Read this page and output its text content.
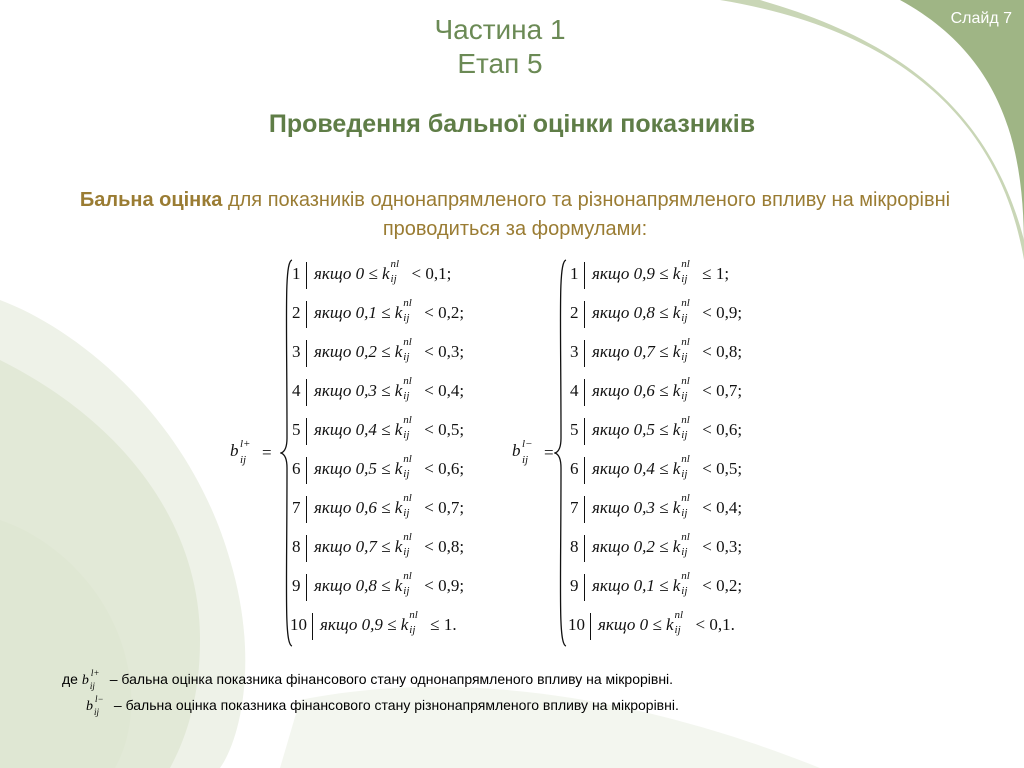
Слайд 7
Частина 1
Етап 5
Проведення бальної оцінки показників
Бальна оцінка для показників однонапрямленого та різнонапрямленого впливу на мікрорівні проводиться за формулами:
b l+
ij =
1 якщо 0 ≤ k nl
ij < 0,1;
2 якщо 0,1 ≤ k nl
ij < 0,2;
3 якщо 0,2 ≤ k nl
ij < 0,3;
4 якщо 0,3 ≤ k nl
ij < 0,4;
5 якщо 0,4 ≤ k nl
ij < 0,5;
6 якщо 0,5 ≤ k nl
ij < 0,6;
7 якщо 0,6 ≤ k nl
ij < 0,7;
8 якщо 0,7 ≤ k nl
ij < 0,8;
9 якщо 0,8 ≤ k nl
ij < 0,9;
10 якщо 0,9 ≤ k nl
ij ≤ 1.
b l−
ij =
1 якщо 0,9 ≤ k nl
ij ≤ 1;
2 якщо 0,8 ≤ k nl
ij < 0,9;
3 якщо 0,7 ≤ k nl
ij < 0,8;
4 якщо 0,6 ≤ k nl
ij < 0,7;
5 якщо 0,5 ≤ k nl
ij < 0,6;
6 якщо 0,4 ≤ k nl
ij < 0,5;
7 якщо 0,3 ≤ k nl
ij < 0,4;
8 якщо 0,2 ≤ k nl
ij < 0,3;
9 якщо 0,1 ≤ k nl
ij < 0,2;
10 якщо 0 ≤ k nl
ij < 0,1.
де b l+
ij – бальна оцінка показника фінансового стану однонапрямленого впливу на мікрорівні.
b l−
ij – бальна оцінка показника фінансового стану різнонапрямленого впливу на мікрорівні.
